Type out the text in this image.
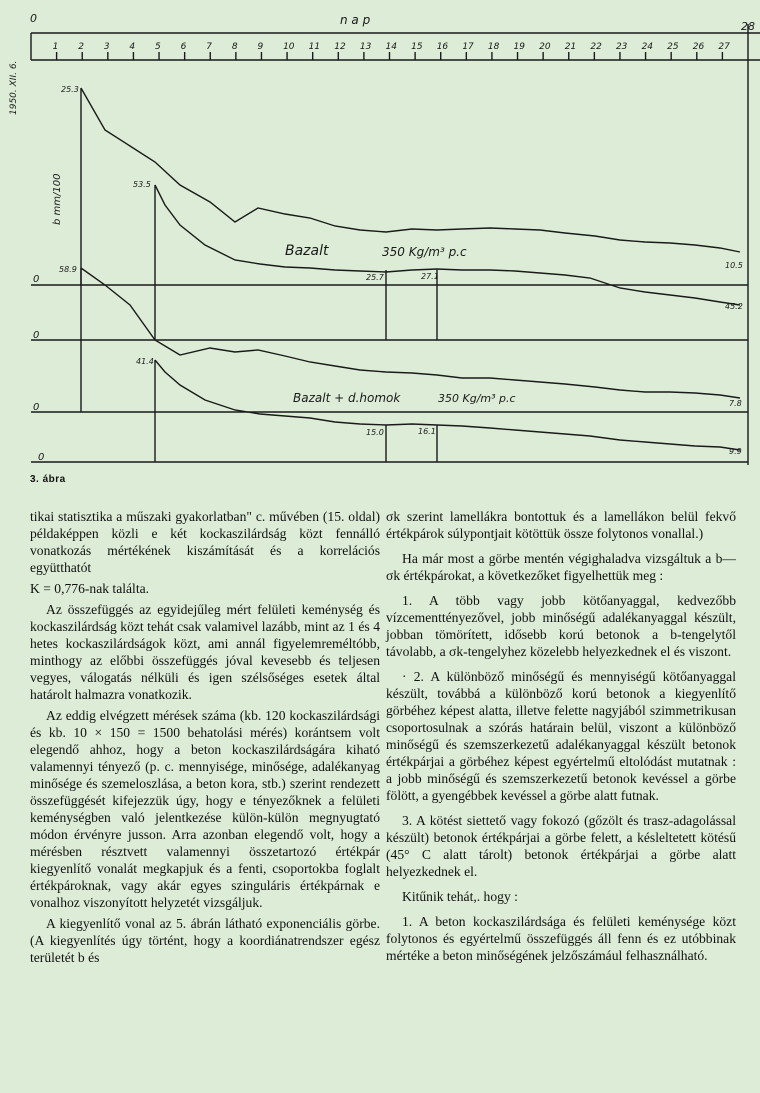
n a p
0
28
1 2 3 4 5 6 7 8 9 10 11 12 13 14 15 16 17 18 19 20 21 22 23 24 25 26 27
1950. XII. 6.
b mm/100
0
0
0
0
Bazalt	350 Kg/m³ p.c
Bazalt + d.homok	350 Kg/m³ p.c
25.3
53.5
58.9
41.4
25.7	27.1
15.0	16.1
10.5
45.2
7.8
9.9
3. ábra

tikai statisztika a műszaki gyakorlatban" c. művében (15. oldal) példaképpen közli e két kockaszilárdság közt fennálló vonatkozás mértékének kiszámítását és a korrelációs együtthatót

K = 0,776-nak találta.

Az összefüggés az egyidejűleg mért felületi keménység és kockaszilárdság közt tehát csak valamivel lazább, mint az 1 és 4 hetes kockaszilárdságok közt, ami annál figyelemreméltóbb, minthogy az előbbi összefüggés jóval kevesebb és teljesen vegyes, válogatás nélküli és igen szélsőséges esetek által határolt halmazra vonatkozik.

Az eddig elvégzett mérések száma (kb. 120 kockaszilárdsági és kb. 10 × 150 = 1500 behatolási mérés) korántsem volt elegendő ahhoz, hogy a beton kockaszilárdságára kiható valamennyi tényező (p. c. mennyisége, minősége, adalékanyag minősége és szemeloszlása, a beton kora, stb.) szerint rendezett összefüggését kifejezzük úgy, hogy e tényezőknek a felületi keménységben való jelentkezése külön-külön megnyugtató módon érvényre jusson. Arra azonban elegendő volt, hogy a mérésben résztvett valamennyi összetartozó értékpár kiegyenlítő vonalát megkapjuk és a fenti, csoportokba foglalt értékpároknak, vagy akár egyes szinguláris értékpárnak e vonalhoz viszonyított helyzetét vizsgáljuk.

A kiegyenlítő vonal az 5. ábrán látható exponenciális görbe. (A kiegyenlítés úgy történt, hogy a koordiánatrendszer egész területét b és

σk szerint lamellákra bontottuk és a lamellákon belül fekvő értékpárok súlypontjait kötöttük össze folytonos vonallal.)

Ha már most a görbe mentén végighaladva vizsgáltuk a b—σk értékpárokat, a következőket figyelhettük meg :

1. A több vagy jobb kötőanyaggal, kedvezőbb vízcementtényezővel, jobb minőségű adalékanyaggal készült, jobban tömörített, idősebb korú betonok a b-tengelytől távolabb, a σk-tengelyhez közelebb helyezkednek el és viszont.

· 2. A különböző minőségű és mennyiségű kötőanyaggal készült, továbbá a különböző korú betonok a kiegyenlítő görbéhez képest alatta, illetve felette nagyjából szimmetrikusan csoportosulnak a szórás határain belül, viszont a különböző minőségű és szemszerkezetű adalékanyaggal készült betonok értékpárjai a görbéhez képest egyértelmű eltolódást mutatnak : a jobb minőségű és szemszerkezetű betonok kevéssel a görbe fölött, a gyengébbek kevéssel a görbe alatt futnak.

3. A kötést siettető vagy fokozó (gőzölt és trasz-adagolással készült) betonok értékpárjai a görbe felett, a késleltetett kötésű (45° C alatt tárolt) betonok értékpárjai a görbe alatt helyezkednek el.

Kitűnik tehát,. hogy :

1. A beton kockaszilárdsága és felületi keménysége közt folytonos és egyértelmű összefüggés áll fenn és ez utóbbinak mértéke a beton minőségének jelzőszámául felhasználható.
